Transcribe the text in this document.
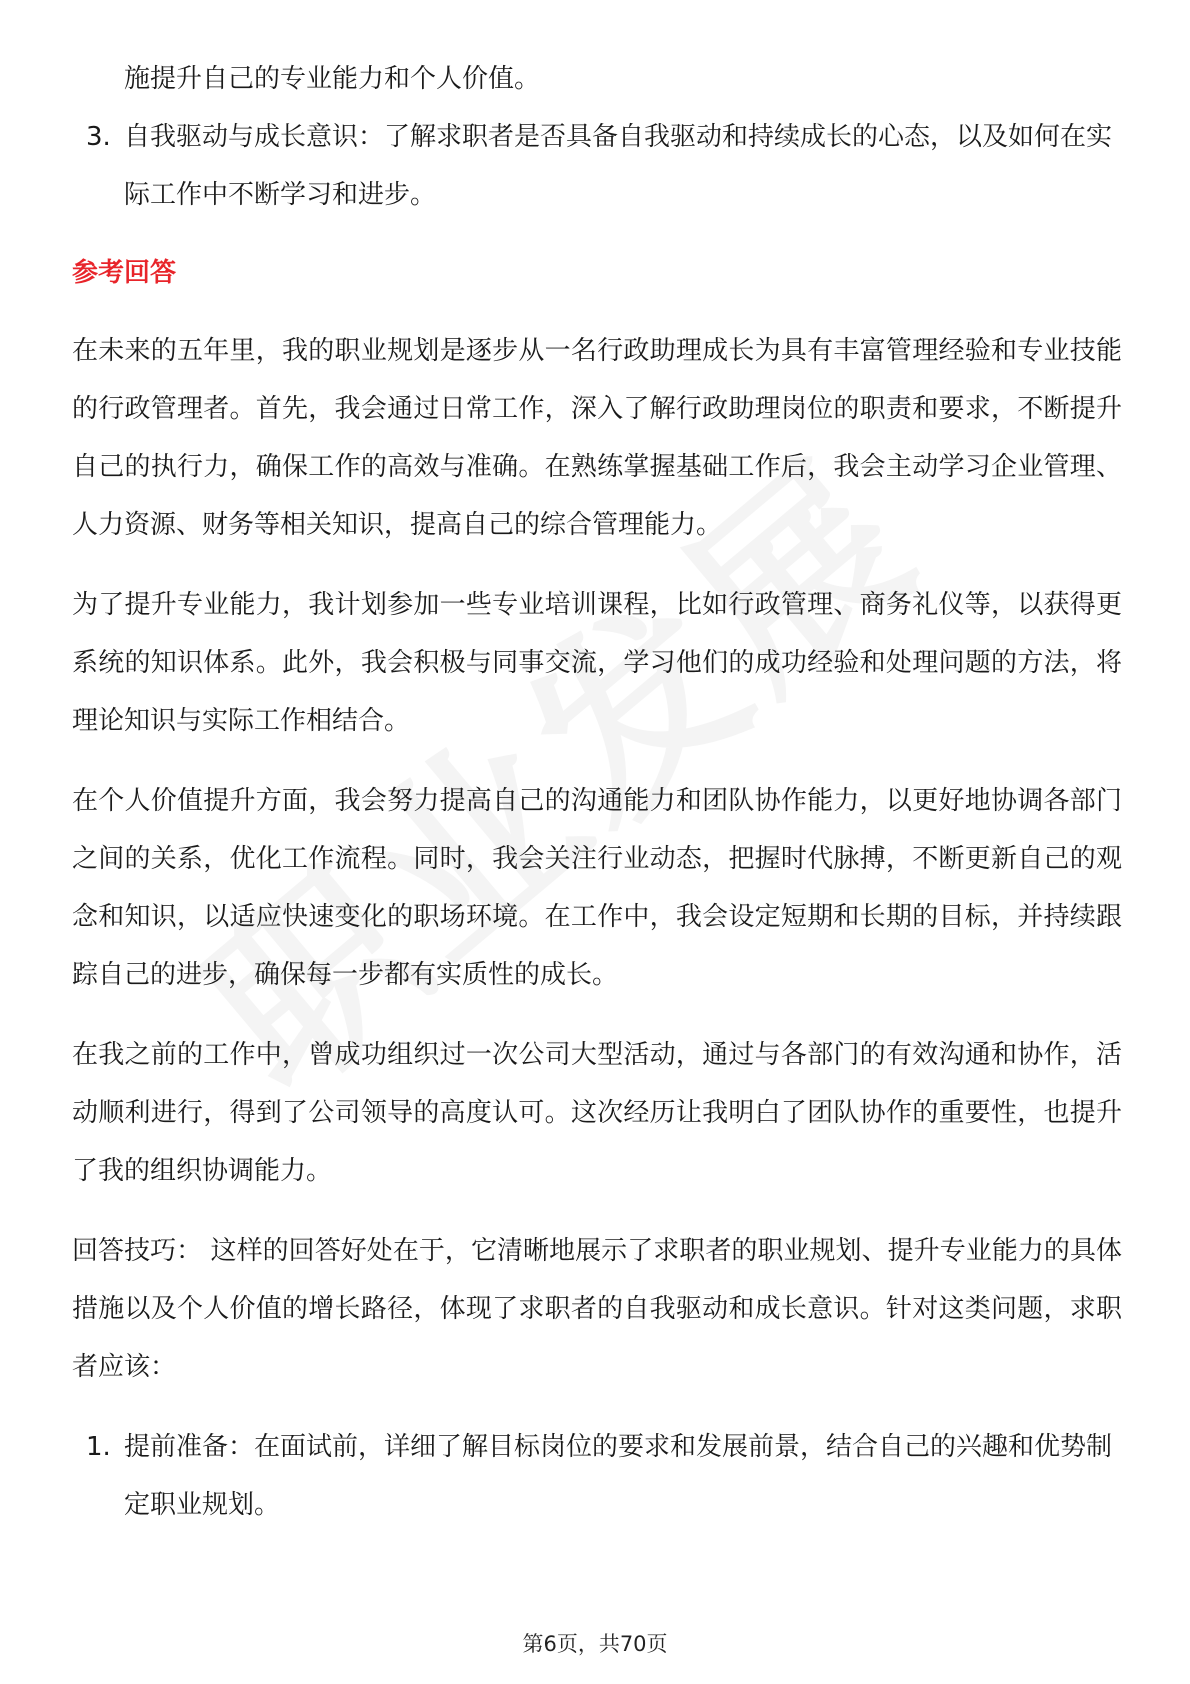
施提升自己的专业能力和个人价值。

3. 自我驱动与成长意识：了解求职者是否具备自我驱动和持续成长的心态，以及如何在实际工作中不断学习和进步。

参考回答

在未来的五年里，我的职业规划是逐步从一名行政助理成长为具有丰富管理经验和专业技能的行政管理者。首先，我会通过日常工作，深入了解行政助理岗位的职责和要求，不断提升自己的执行力，确保工作的高效与准确。在熟练掌握基础工作后，我会主动学习企业管理、人力资源、财务等相关知识，提高自己的综合管理能力。

为了提升专业能力，我计划参加一些专业培训课程，比如行政管理、商务礼仪等，以获得更系统的知识体系。此外，我会积极与同事交流，学习他们的成功经验和处理问题的方法，将理论知识与实际工作相结合。

在个人价值提升方面，我会努力提高自己的沟通能力和团队协作能力，以更好地协调各部门之间的关系，优化工作流程。同时，我会关注行业动态，把握时代脉搏，不断更新自己的观念和知识，以适应快速变化的职场环境。在工作中，我会设定短期和长期的目标，并持续跟踪自己的进步，确保每一步都有实质性的成长。

在我之前的工作中，曾成功组织过一次公司大型活动，通过与各部门的有效沟通和协作，活动顺利进行，得到了公司领导的高度认可。这次经历让我明白了团队协作的重要性，也提升了我的组织协调能力。

回答技巧： 这样的回答好处在于，它清晰地展示了求职者的职业规划、提升专业能力的具体措施以及个人价值的增长路径，体现了求职者的自我驱动和成长意识。针对这类问题，求职者应该：

1. 提前准备：在面试前，详细了解目标岗位的要求和发展前景，结合自己的兴趣和优势制定职业规划。
第6页，共70页
